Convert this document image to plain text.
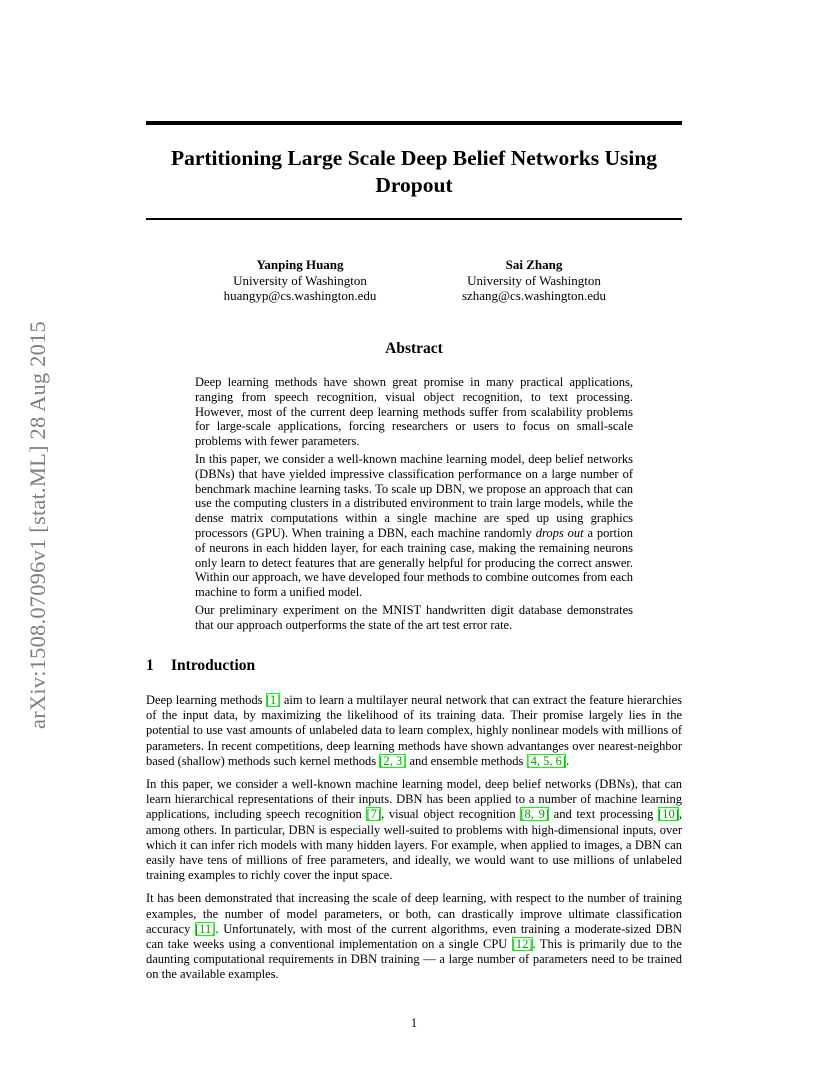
arXiv:1508.07096v1 [stat.ML] 28 Aug 2015
Partitioning Large Scale Deep Belief Networks Using Dropout
Yanping Huang
University of Washington
huangyp@cs.washington.edu
Sai Zhang
University of Washington
szhang@cs.washington.edu
Abstract

Deep learning methods have shown great promise in many practical applications, ranging from speech recognition, visual object recognition, to text processing. However, most of the current deep learning methods suffer from scalability problems for large-scale applications, forcing researchers or users to focus on small-scale problems with fewer parameters.

In this paper, we consider a well-known machine learning model, deep belief networks (DBNs) that have yielded impressive classification performance on a large number of benchmark machine learning tasks. To scale up DBN, we propose an approach that can use the computing clusters in a distributed environment to train large models, while the dense matrix computations within a single machine are sped up using graphics processors (GPU). When training a DBN, each machine randomly drops out a portion of neurons in each hidden layer, for each training case, making the remaining neurons only learn to detect features that are generally helpful for producing the correct answer. Within our approach, we have developed four methods to combine outcomes from each machine to form a unified model.

Our preliminary experiment on the MNIST handwritten digit database demonstrates that our approach outperforms the state of the art test error rate.

1 Introduction

Deep learning methods [1] aim to learn a multilayer neural network that can extract the feature hierarchies of the input data, by maximizing the likelihood of its training data. Their promise largely lies in the potential to use vast amounts of unlabeled data to learn complex, highly nonlinear models with millions of parameters. In recent competitions, deep learning methods have shown advantanges over nearest-neighbor based (shallow) methods such kernel methods [2, 3] and ensemble methods [4, 5, 6].

In this paper, we consider a well-known machine learning model, deep belief networks (DBNs), that can learn hierarchical representations of their inputs. DBN has been applied to a number of machine learning applications, including speech recognition [7], visual object recognition [8, 9] and text processing [10], among others. In particular, DBN is especially well-suited to problems with high-dimensional inputs, over which it can infer rich models with many hidden layers. For example, when applied to images, a DBN can easily have tens of millions of free parameters, and ideally, we would want to use millions of unlabeled training examples to richly cover the input space.

It has been demonstrated that increasing the scale of deep learning, with respect to the number of training examples, the number of model parameters, or both, can drastically improve ultimate classification accuracy [11]. Unfortunately, with most of the current algorithms, even training a moderate-sized DBN can take weeks using a conventional implementation on a single CPU [12]. This is primarily due to the daunting computational requirements in DBN training — a large number of parameters need to be trained on the available examples.

1
